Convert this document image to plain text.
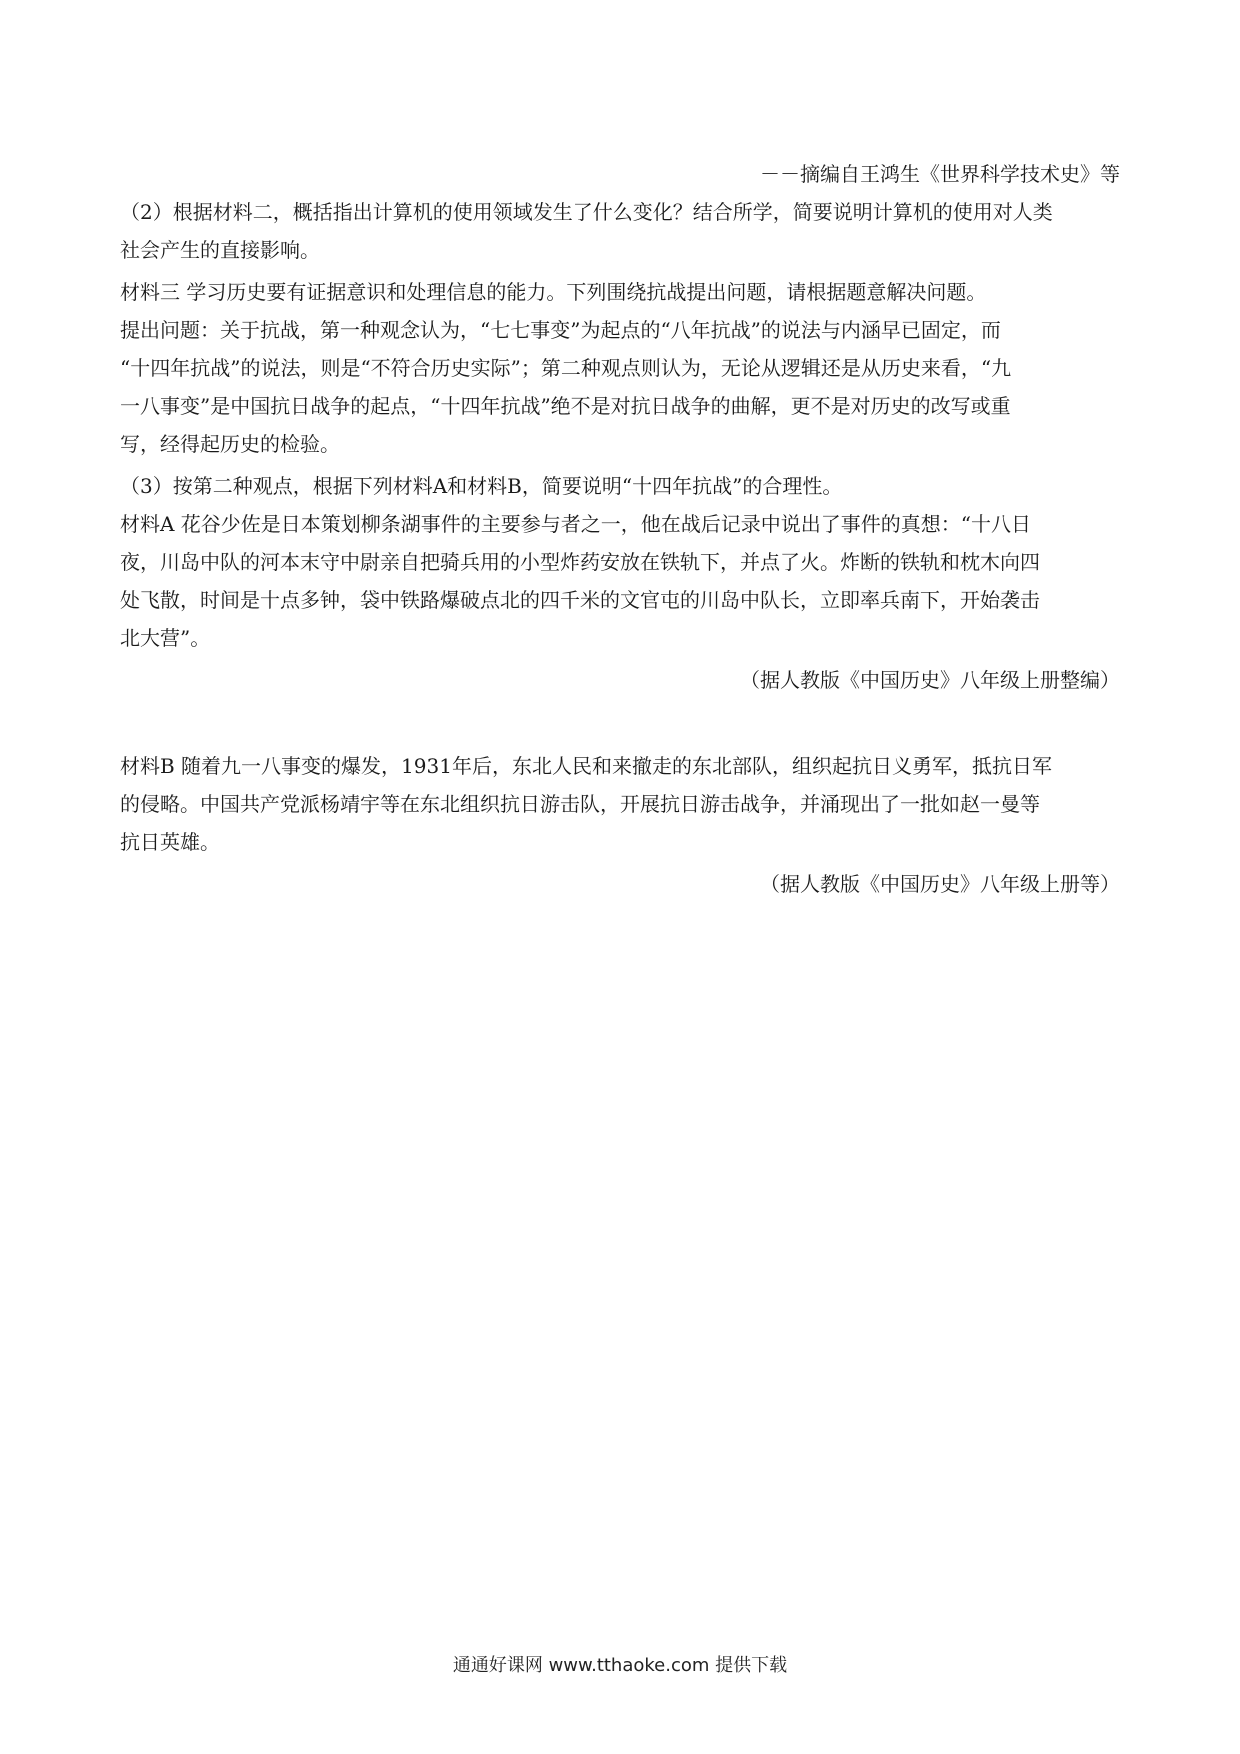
－－摘编自王鸿生《世界科学技术史》等

（2）根据材料二，概括指出计算机的使用领域发生了什么变化？结合所学，简要说明计算机的使用对人类

社会产生的直接影响。

材料三 学习历史要有证据意识和处理信息的能力。下列围绕抗战提出问题，请根据题意解决问题。

提出问题：关于抗战，第一种观念认为，“七七事变”为起点的“八年抗战”的说法与内涵早已固定，而

“十四年抗战”的说法，则是“不符合历史实际”；第二种观点则认为，无论从逻辑还是从历史来看，“九

一八事变”是中国抗日战争的起点，“十四年抗战”绝不是对抗日战争的曲解，更不是对历史的改写或重

写，经得起历史的检验。

（3）按第二种观点，根据下列材料A和材料B，简要说明“十四年抗战”的合理性。

材料A 花谷少佐是日本策划柳条湖事件的主要参与者之一，他在战后记录中说出了事件的真想：“十八日

夜，川岛中队的河本末守中尉亲自把骑兵用的小型炸药安放在铁轨下，并点了火。炸断的铁轨和枕木向四

处飞散，时间是十点多钟，袋中铁路爆破点北的四千米的文官屯的川岛中队长，立即率兵南下，开始袭击

北大营”。

（据人教版《中国历史》八年级上册整编）

材料B 随着九一八事变的爆发，1931年后，东北人民和来撤走的东北部队，组织起抗日义勇军，抵抗日军

的侵略。中国共产党派杨靖宇等在东北组织抗日游击队，开展抗日游击战争，并涌现出了一批如赵一曼等

抗日英雄。

（据人教版《中国历史》八年级上册等）

通通好课网 www.tthaoke.com 提供下载
